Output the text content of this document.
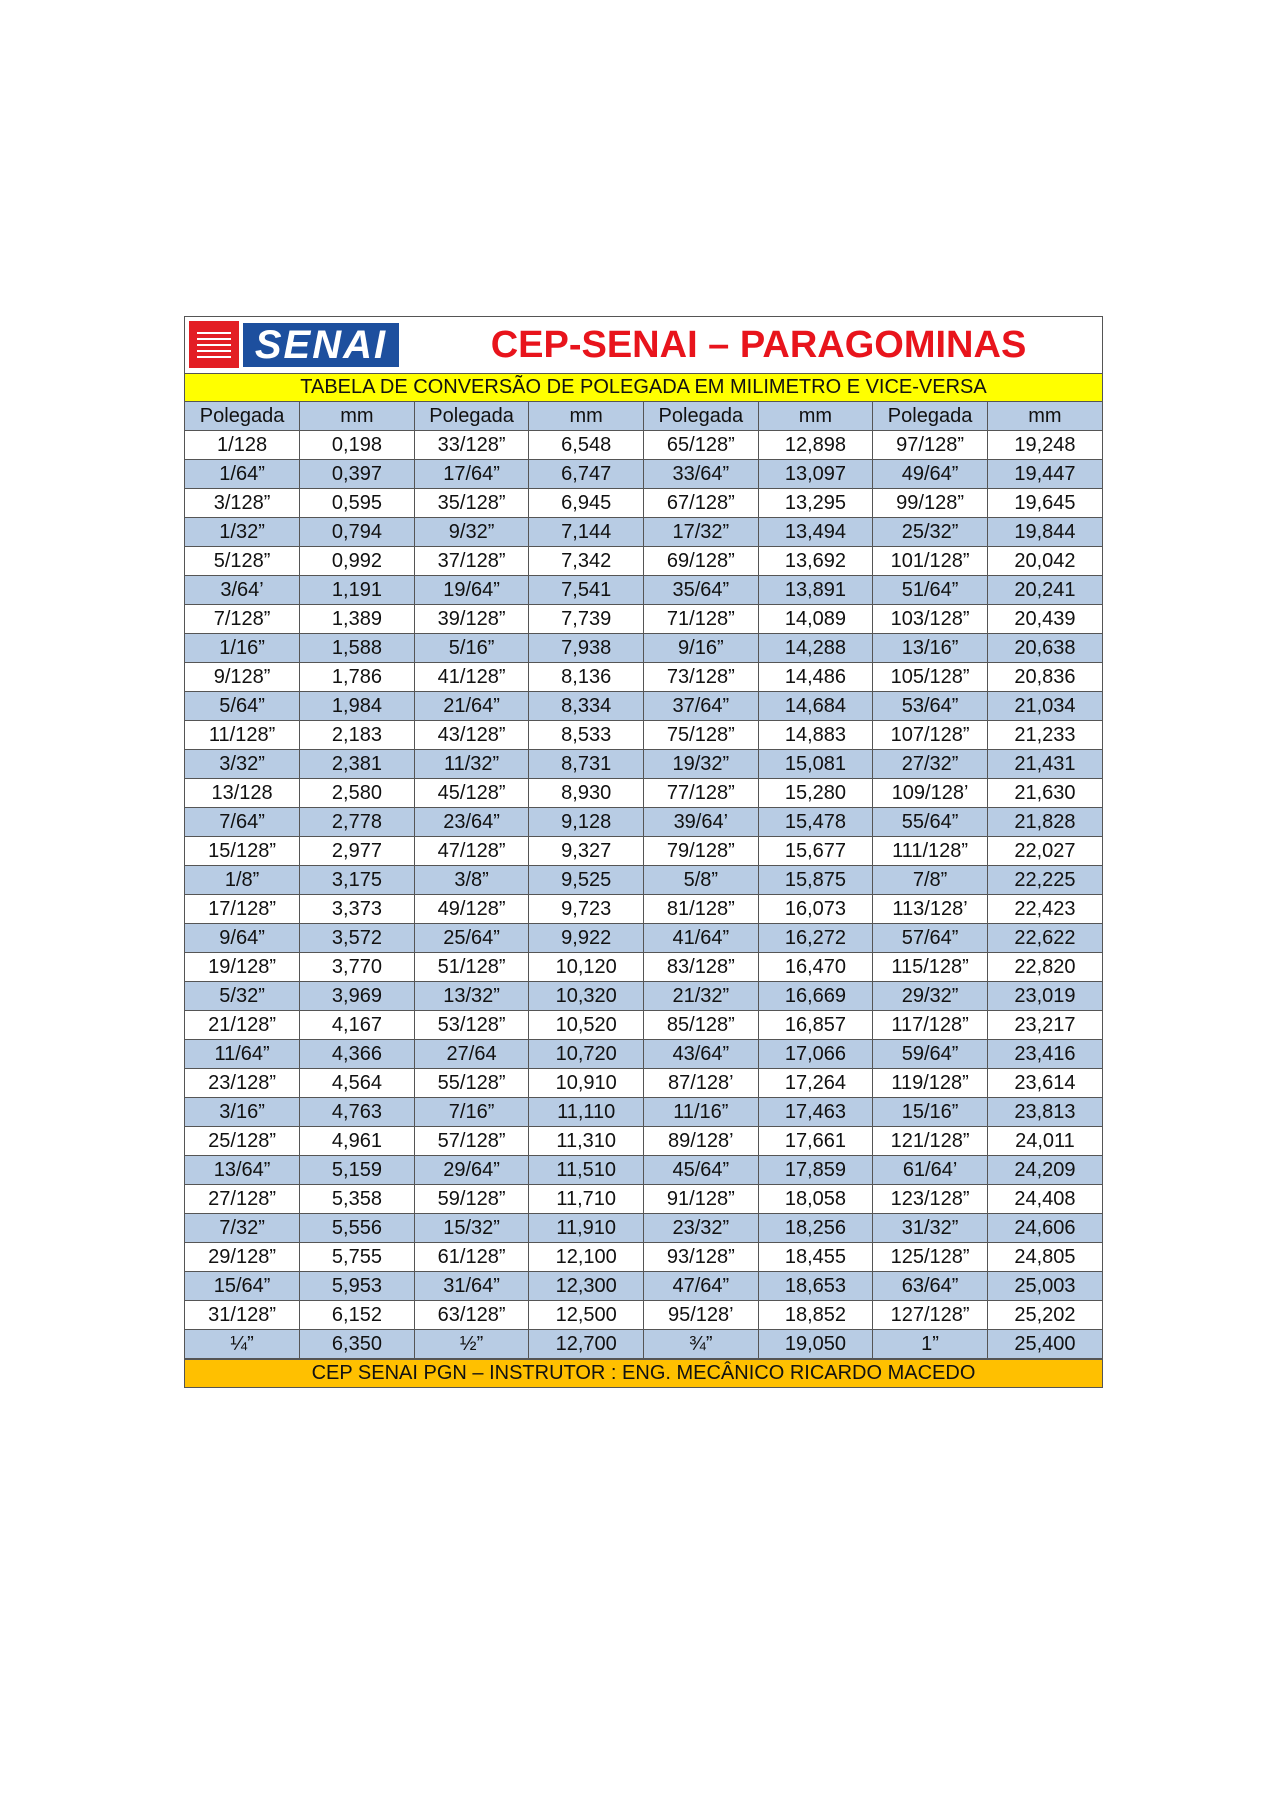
SENAI	CEP-SENAI – PARAGOMINAS
TABELA DE CONVERSÃO DE POLEGADA EM MILIMETRO E VICE-VERSA
Polegada	mm	Polegada	mm	Polegada	mm	Polegada	mm
1/128	0,198	33/128”	6,548	65/128”	12,898	97/128”	19,248
1/64”	0,397	17/64”	6,747	33/64”	13,097	49/64”	19,447
3/128”	0,595	35/128”	6,945	67/128”	13,295	99/128”	19,645
1/32”	0,794	9/32”	7,144	17/32”	13,494	25/32”	19,844
5/128”	0,992	37/128”	7,342	69/128”	13,692	101/128”	20,042
3/64’	1,191	19/64”	7,541	35/64”	13,891	51/64”	20,241
7/128”	1,389	39/128”	7,739	71/128”	14,089	103/128”	20,439
1/16”	1,588	5/16”	7,938	9/16”	14,288	13/16”	20,638
9/128”	1,786	41/128”	8,136	73/128”	14,486	105/128”	20,836
5/64”	1,984	21/64”	8,334	37/64”	14,684	53/64”	21,034
11/128”	2,183	43/128”	8,533	75/128”	14,883	107/128”	21,233
3/32”	2,381	11/32”	8,731	19/32”	15,081	27/32”	21,431
13/128	2,580	45/128”	8,930	77/128”	15,280	109/128’	21,630
7/64”	2,778	23/64”	9,128	39/64’	15,478	55/64”	21,828
15/128”	2,977	47/128”	9,327	79/128”	15,677	111/128”	22,027
1/8”	3,175	3/8”	9,525	5/8”	15,875	7/8”	22,225
17/128”	3,373	49/128”	9,723	81/128”	16,073	113/128’	22,423
9/64”	3,572	25/64”	9,922	41/64”	16,272	57/64”	22,622
19/128”	3,770	51/128”	10,120	83/128”	16,470	115/128”	22,820
5/32”	3,969	13/32”	10,320	21/32”	16,669	29/32”	23,019
21/128”	4,167	53/128”	10,520	85/128”	16,857	117/128”	23,217
11/64”	4,366	27/64	10,720	43/64”	17,066	59/64”	23,416
23/128”	4,564	55/128”	10,910	87/128’	17,264	119/128”	23,614
3/16”	4,763	7/16”	11,110	11/16”	17,463	15/16”	23,813
25/128”	4,961	57/128”	11,310	89/128’	17,661	121/128”	24,011
13/64”	5,159	29/64”	11,510	45/64”	17,859	61/64’	24,209
27/128”	5,358	59/128”	11,710	91/128”	18,058	123/128”	24,408
7/32”	5,556	15/32”	11,910	23/32”	18,256	31/32”	24,606
29/128”	5,755	61/128”	12,100	93/128”	18,455	125/128”	24,805
15/64”	5,953	31/64”	12,300	47/64”	18,653	63/64”	25,003
31/128”	6,152	63/128”	12,500	95/128’	18,852	127/128”	25,202
¼”	6,350	½”	12,700	¾”	19,050	1”	25,400
CEP SENAI PGN – INSTRUTOR : ENG. MECÂNICO RICARDO MACEDO
